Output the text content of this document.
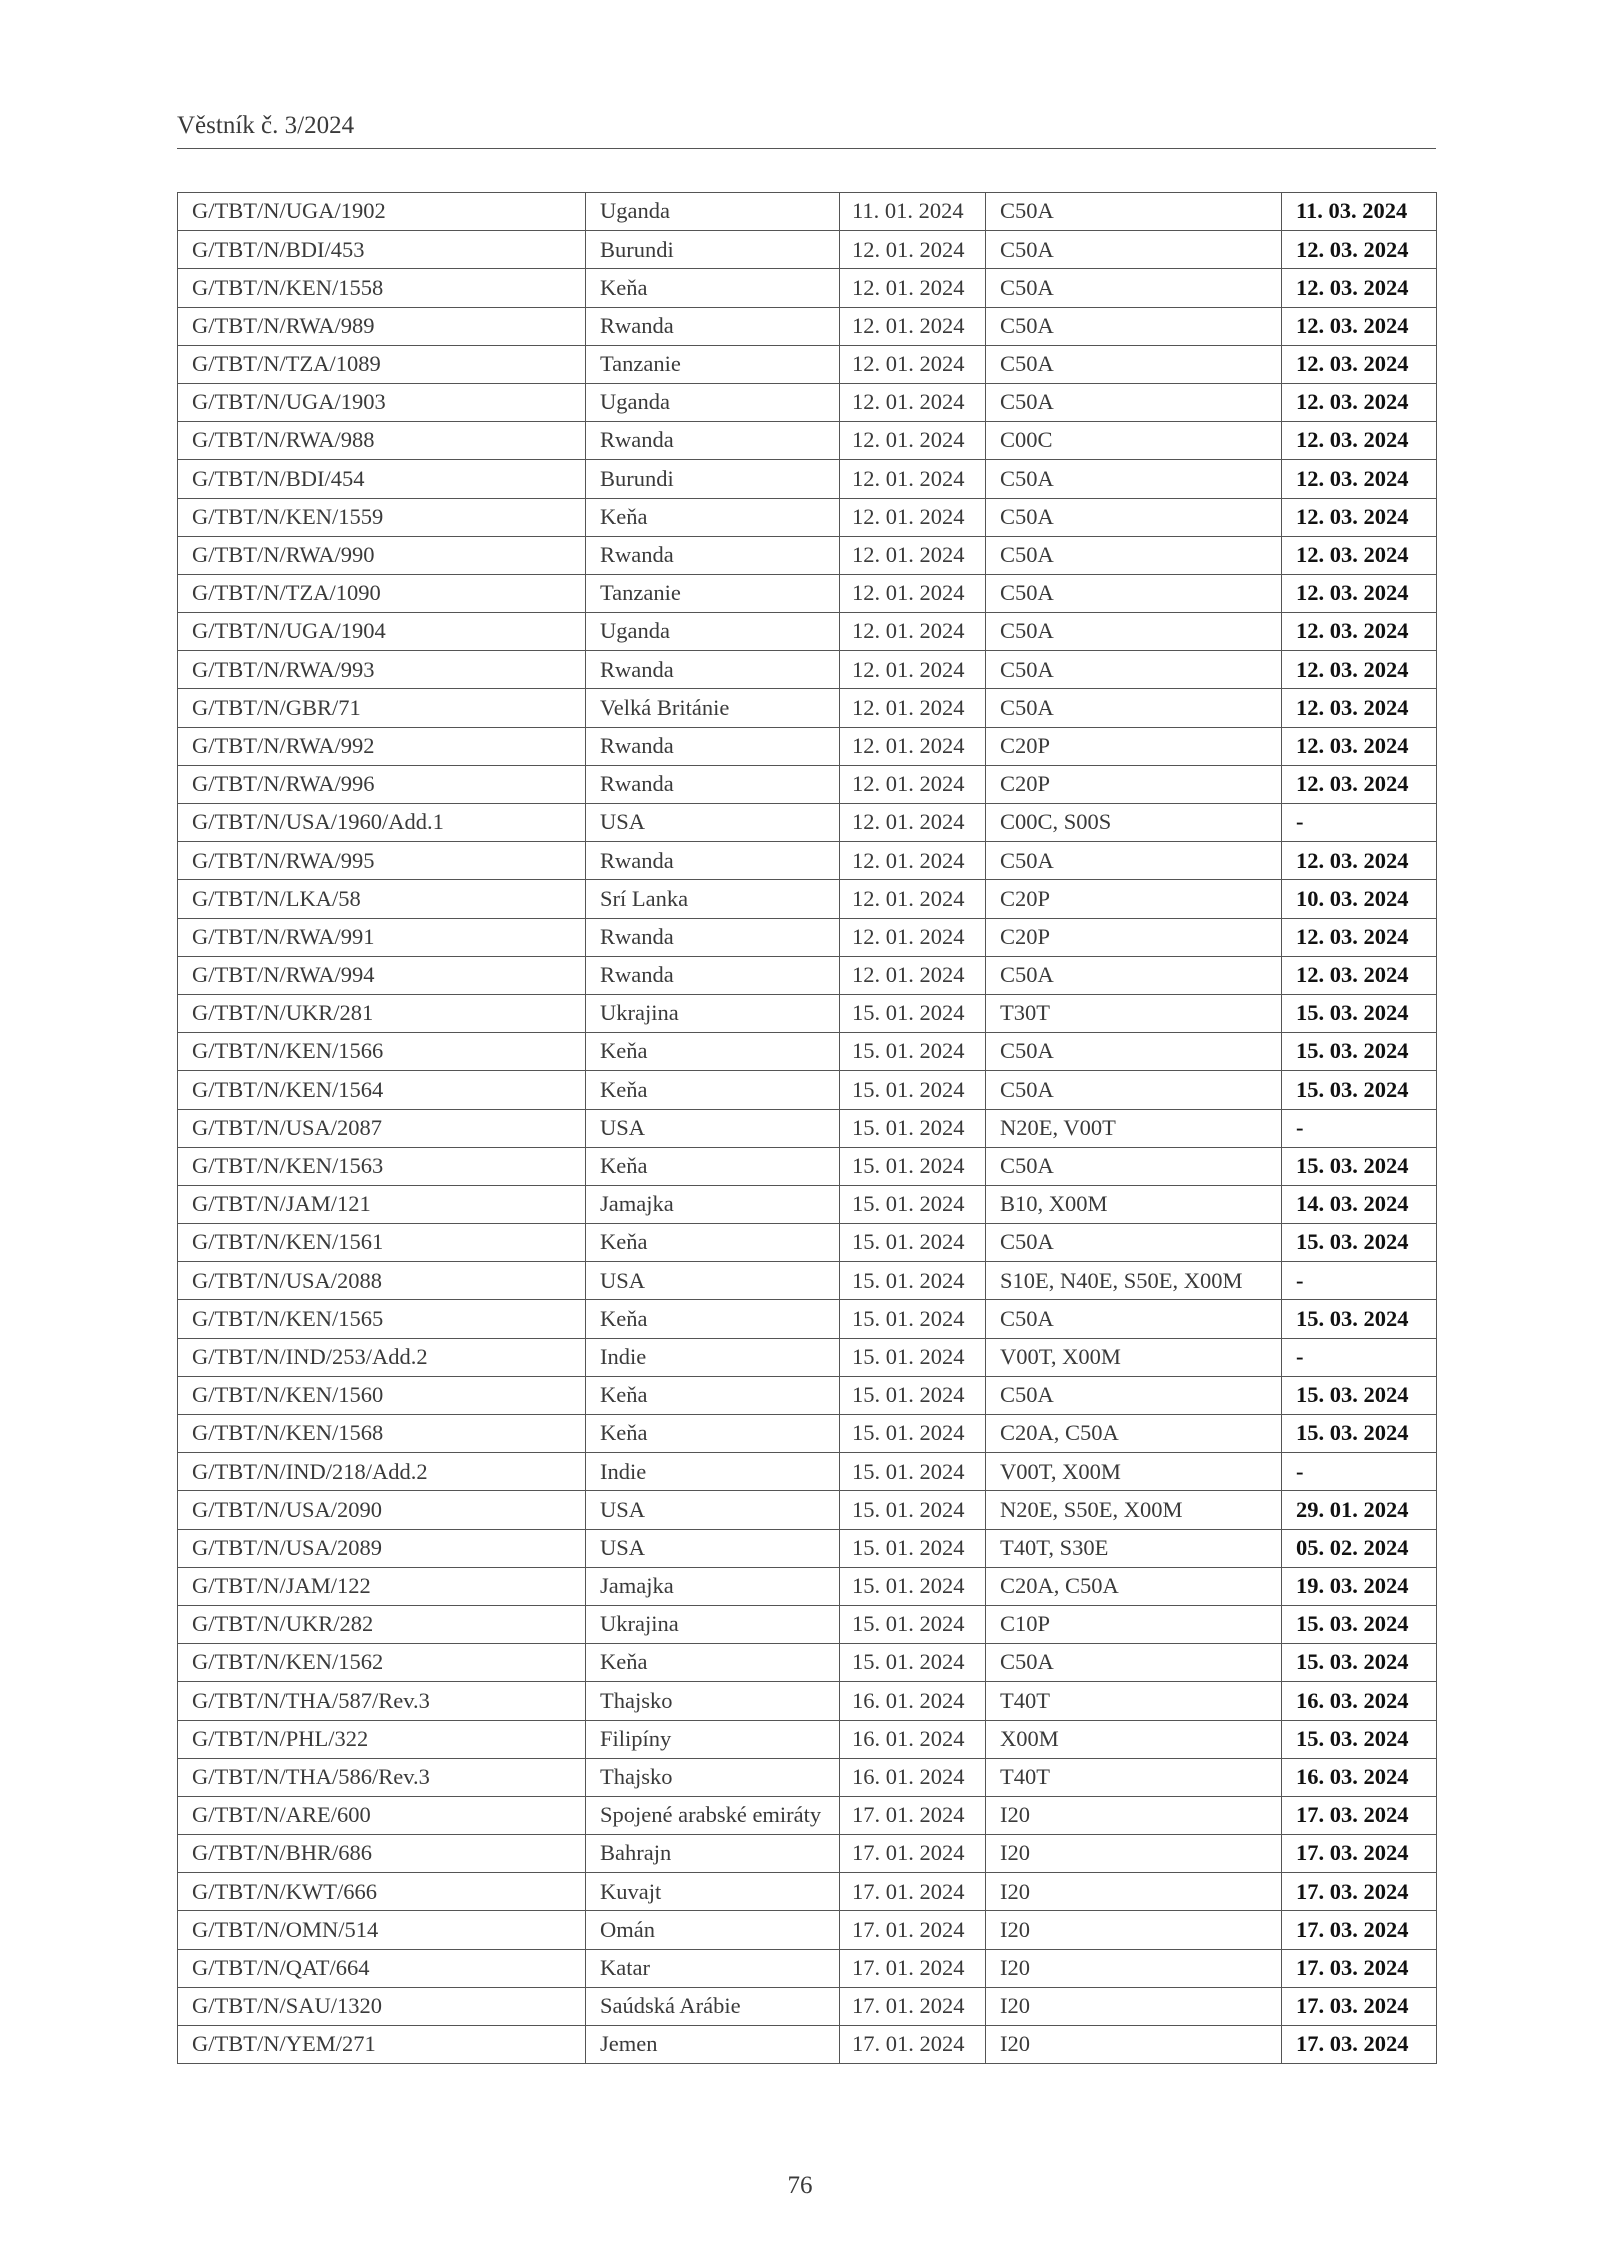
Věstník č. 3/2024
G/TBT/N/UGA/1902	Uganda	11. 01. 2024	C50A	11. 03. 2024
G/TBT/N/BDI/453	Burundi	12. 01. 2024	C50A	12. 03. 2024
G/TBT/N/KEN/1558	Keňa	12. 01. 2024	C50A	12. 03. 2024
G/TBT/N/RWA/989	Rwanda	12. 01. 2024	C50A	12. 03. 2024
G/TBT/N/TZA/1089	Tanzanie	12. 01. 2024	C50A	12. 03. 2024
G/TBT/N/UGA/1903	Uganda	12. 01. 2024	C50A	12. 03. 2024
G/TBT/N/RWA/988	Rwanda	12. 01. 2024	C00C	12. 03. 2024
G/TBT/N/BDI/454	Burundi	12. 01. 2024	C50A	12. 03. 2024
G/TBT/N/KEN/1559	Keňa	12. 01. 2024	C50A	12. 03. 2024
G/TBT/N/RWA/990	Rwanda	12. 01. 2024	C50A	12. 03. 2024
G/TBT/N/TZA/1090	Tanzanie	12. 01. 2024	C50A	12. 03. 2024
G/TBT/N/UGA/1904	Uganda	12. 01. 2024	C50A	12. 03. 2024
G/TBT/N/RWA/993	Rwanda	12. 01. 2024	C50A	12. 03. 2024
G/TBT/N/GBR/71	Velká Británie	12. 01. 2024	C50A	12. 03. 2024
G/TBT/N/RWA/992	Rwanda	12. 01. 2024	C20P	12. 03. 2024
G/TBT/N/RWA/996	Rwanda	12. 01. 2024	C20P	12. 03. 2024
G/TBT/N/USA/1960/Add.1	USA	12. 01. 2024	C00C, S00S	-
G/TBT/N/RWA/995	Rwanda	12. 01. 2024	C50A	12. 03. 2024
G/TBT/N/LKA/58	Srí Lanka	12. 01. 2024	C20P	10. 03. 2024
G/TBT/N/RWA/991	Rwanda	12. 01. 2024	C20P	12. 03. 2024
G/TBT/N/RWA/994	Rwanda	12. 01. 2024	C50A	12. 03. 2024
G/TBT/N/UKR/281	Ukrajina	15. 01. 2024	T30T	15. 03. 2024
G/TBT/N/KEN/1566	Keňa	15. 01. 2024	C50A	15. 03. 2024
G/TBT/N/KEN/1564	Keňa	15. 01. 2024	C50A	15. 03. 2024
G/TBT/N/USA/2087	USA	15. 01. 2024	N20E, V00T	-
G/TBT/N/KEN/1563	Keňa	15. 01. 2024	C50A	15. 03. 2024
G/TBT/N/JAM/121	Jamajka	15. 01. 2024	B10, X00M	14. 03. 2024
G/TBT/N/KEN/1561	Keňa	15. 01. 2024	C50A	15. 03. 2024
G/TBT/N/USA/2088	USA	15. 01. 2024	S10E, N40E, S50E, X00M	-
G/TBT/N/KEN/1565	Keňa	15. 01. 2024	C50A	15. 03. 2024
G/TBT/N/IND/253/Add.2	Indie	15. 01. 2024	V00T, X00M	-
G/TBT/N/KEN/1560	Keňa	15. 01. 2024	C50A	15. 03. 2024
G/TBT/N/KEN/1568	Keňa	15. 01. 2024	C20A, C50A	15. 03. 2024
G/TBT/N/IND/218/Add.2	Indie	15. 01. 2024	V00T, X00M	-
G/TBT/N/USA/2090	USA	15. 01. 2024	N20E, S50E, X00M	29. 01. 2024
G/TBT/N/USA/2089	USA	15. 01. 2024	T40T, S30E	05. 02. 2024
G/TBT/N/JAM/122	Jamajka	15. 01. 2024	C20A, C50A	19. 03. 2024
G/TBT/N/UKR/282	Ukrajina	15. 01. 2024	C10P	15. 03. 2024
G/TBT/N/KEN/1562	Keňa	15. 01. 2024	C50A	15. 03. 2024
G/TBT/N/THA/587/Rev.3	Thajsko	16. 01. 2024	T40T	16. 03. 2024
G/TBT/N/PHL/322	Filipíny	16. 01. 2024	X00M	15. 03. 2024
G/TBT/N/THA/586/Rev.3	Thajsko	16. 01. 2024	T40T	16. 03. 2024
G/TBT/N/ARE/600	Spojené arabské emiráty	17. 01. 2024	I20	17. 03. 2024
G/TBT/N/BHR/686	Bahrajn	17. 01. 2024	I20	17. 03. 2024
G/TBT/N/KWT/666	Kuvajt	17. 01. 2024	I20	17. 03. 2024
G/TBT/N/OMN/514	Omán	17. 01. 2024	I20	17. 03. 2024
G/TBT/N/QAT/664	Katar	17. 01. 2024	I20	17. 03. 2024
G/TBT/N/SAU/1320	Saúdská Arábie	17. 01. 2024	I20	17. 03. 2024
G/TBT/N/YEM/271	Jemen	17. 01. 2024	I20	17. 03. 2024
76
